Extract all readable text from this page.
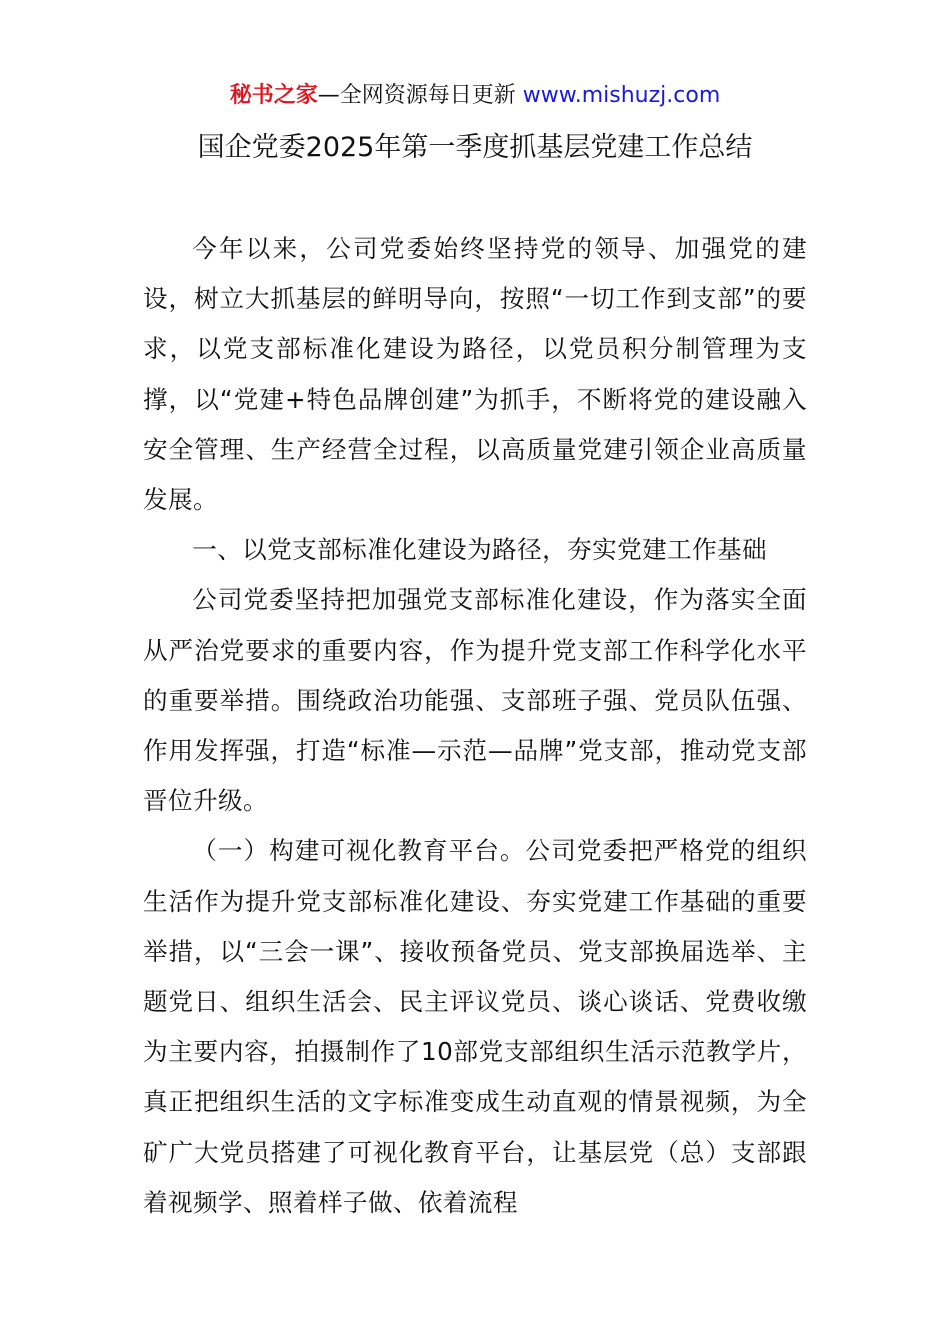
秘书之家—全网资源每日更新 www.mishuzj.com
国企党委2025年第一季度抓基层党建工作总结

今年以来，公司党委始终坚持党的领导、加强党的建设，树立大抓基层的鲜明导向，按照“一切工作到支部”的要求，以党支部标准化建设为路径，以党员积分制管理为支撑，以“党建+特色品牌创建”为抓手，不断将党的建设融入安全管理、生产经营全过程，以高质量党建引领企业高质量发展。

一、以党支部标准化建设为路径，夯实党建工作基础

公司党委坚持把加强党支部标准化建设，作为落实全面从严治党要求的重要内容，作为提升党支部工作科学化水平的重要举措。围绕政治功能强、支部班子强、党员队伍强、作用发挥强，打造“标准—示范—品牌”党支部，推动党支部晋位升级。

（一）构建可视化教育平台。公司党委把严格党的组织生活作为提升党支部标准化建设、夯实党建工作基础的重要举措，以“三会一课”、接收预备党员、党支部换届选举、主题党日、组织生活会、民主评议党员、谈心谈话、党费收缴为主要内容，拍摄制作了10部党支部组织生活示范教学片，真正把组织生活的文字标准变成生动直观的情景视频，为全矿广大党员搭建了可视化教育平台，让基层党（总）支部跟着视频学、照着样子做、依着流程
